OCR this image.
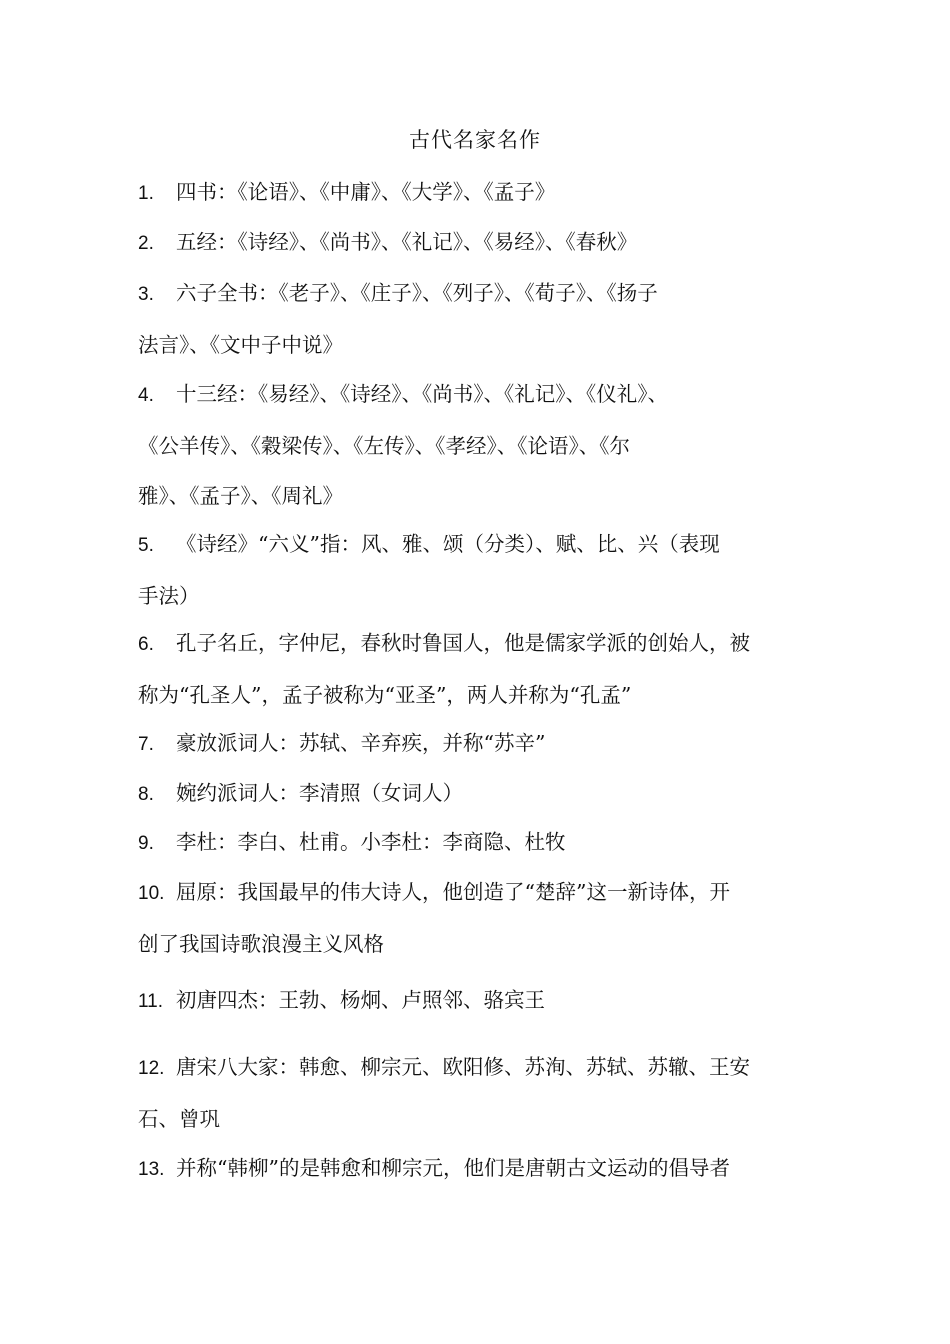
古代名家名作
1. 四书：《论语》、《中庸》、《大学》、《孟子》
2. 五经：《诗经》、《尚书》、《礼记》、《易经》、《春秋》
3. 六子全书：《老子》、《庄子》、《列子》、《荀子》、《扬子
法言》、《文中子中说》
4. 十三经：《易经》、《诗经》、《尚书》、《礼记》、《仪礼》、
《公羊传》、《穀梁传》、《左传》、《孝经》、《论语》、《尔
雅》、《孟子》、《周礼》
5. 《诗经》“六义”指：风、雅、颂（分类）、赋、比、兴（表现
手法）
6. 孔子名丘，字仲尼，春秋时鲁国人，他是儒家学派的创始人，被
称为“孔圣人”，孟子被称为“亚圣”，两人并称为“孔孟”
7. 豪放派词人：苏轼、辛弃疾，并称“苏辛”
8. 婉约派词人：李清照（女词人）
9. 李杜：李白、杜甫。小李杜：李商隐、杜牧
10. 屈原：我国最早的伟大诗人，他创造了“楚辞”这一新诗体，开
创了我国诗歌浪漫主义风格
11. 初唐四杰：王勃、杨炯、卢照邻、骆宾王
12. 唐宋八大家：韩愈、柳宗元、欧阳修、苏洵、苏轼、苏辙、王安
石、曾巩
13. 并称“韩柳”的是韩愈和柳宗元，他们是唐朝古文运动的倡导者
